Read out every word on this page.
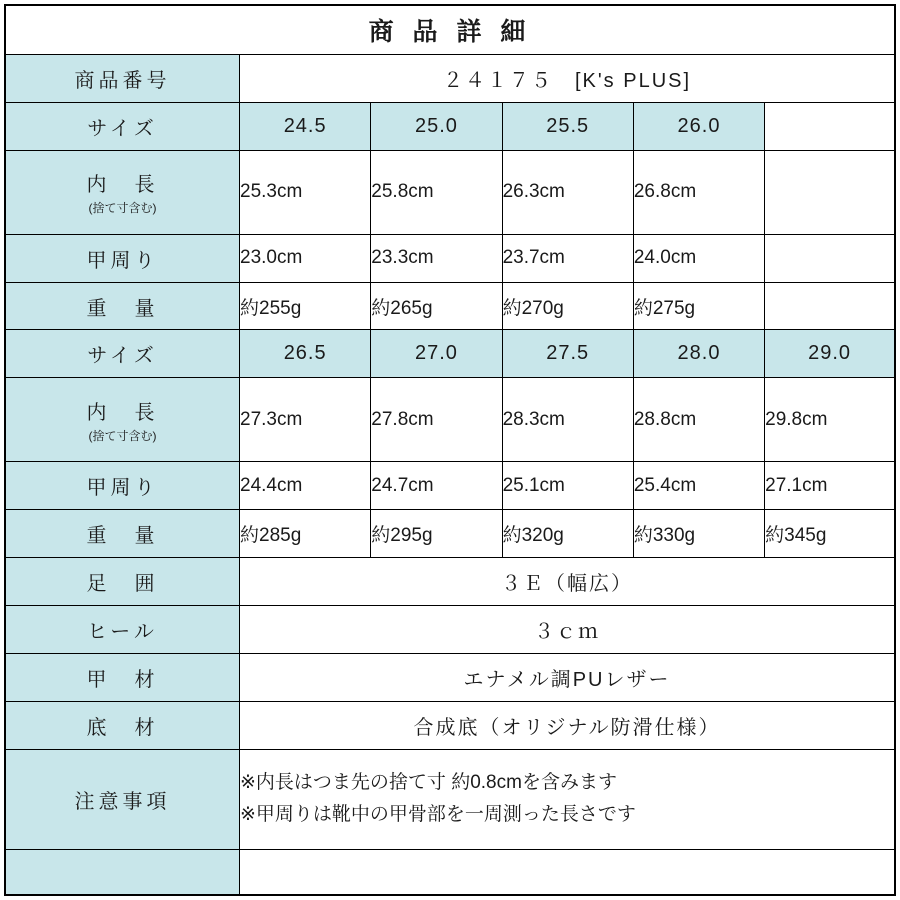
商 品 詳 細					
商品番号	２４１７５　[K's PLUS]				
サイズ	24.5	25.0	25.5	26.0	
内　長
(捨て寸含む)	25.3cm	25.8cm	26.3cm	26.8cm	
甲周り	23.0cm	23.3cm	23.7cm	24.0cm	
重　量	約255g	約265g	約270g	約275g	
サイズ	26.5	27.0	27.5	28.0	29.0
内　長
(捨て寸含む)	27.3cm	27.8cm	28.3cm	28.8cm	29.8cm
甲周り	24.4cm	24.7cm	25.1cm	25.4cm	27.1cm
重　量	約285g	約295g	約320g	約330g	約345g
足　囲	３Ｅ（幅広）				
ヒール	３ｃｍ				
甲　材	エナメル調PUレザー				
底　材	合成底（オリジナル防滑仕様）				
注意事項	※内長はつま先の捨て寸 約0.8cmを含みます
※甲周りは靴中の甲骨部を一周測った長さです				
